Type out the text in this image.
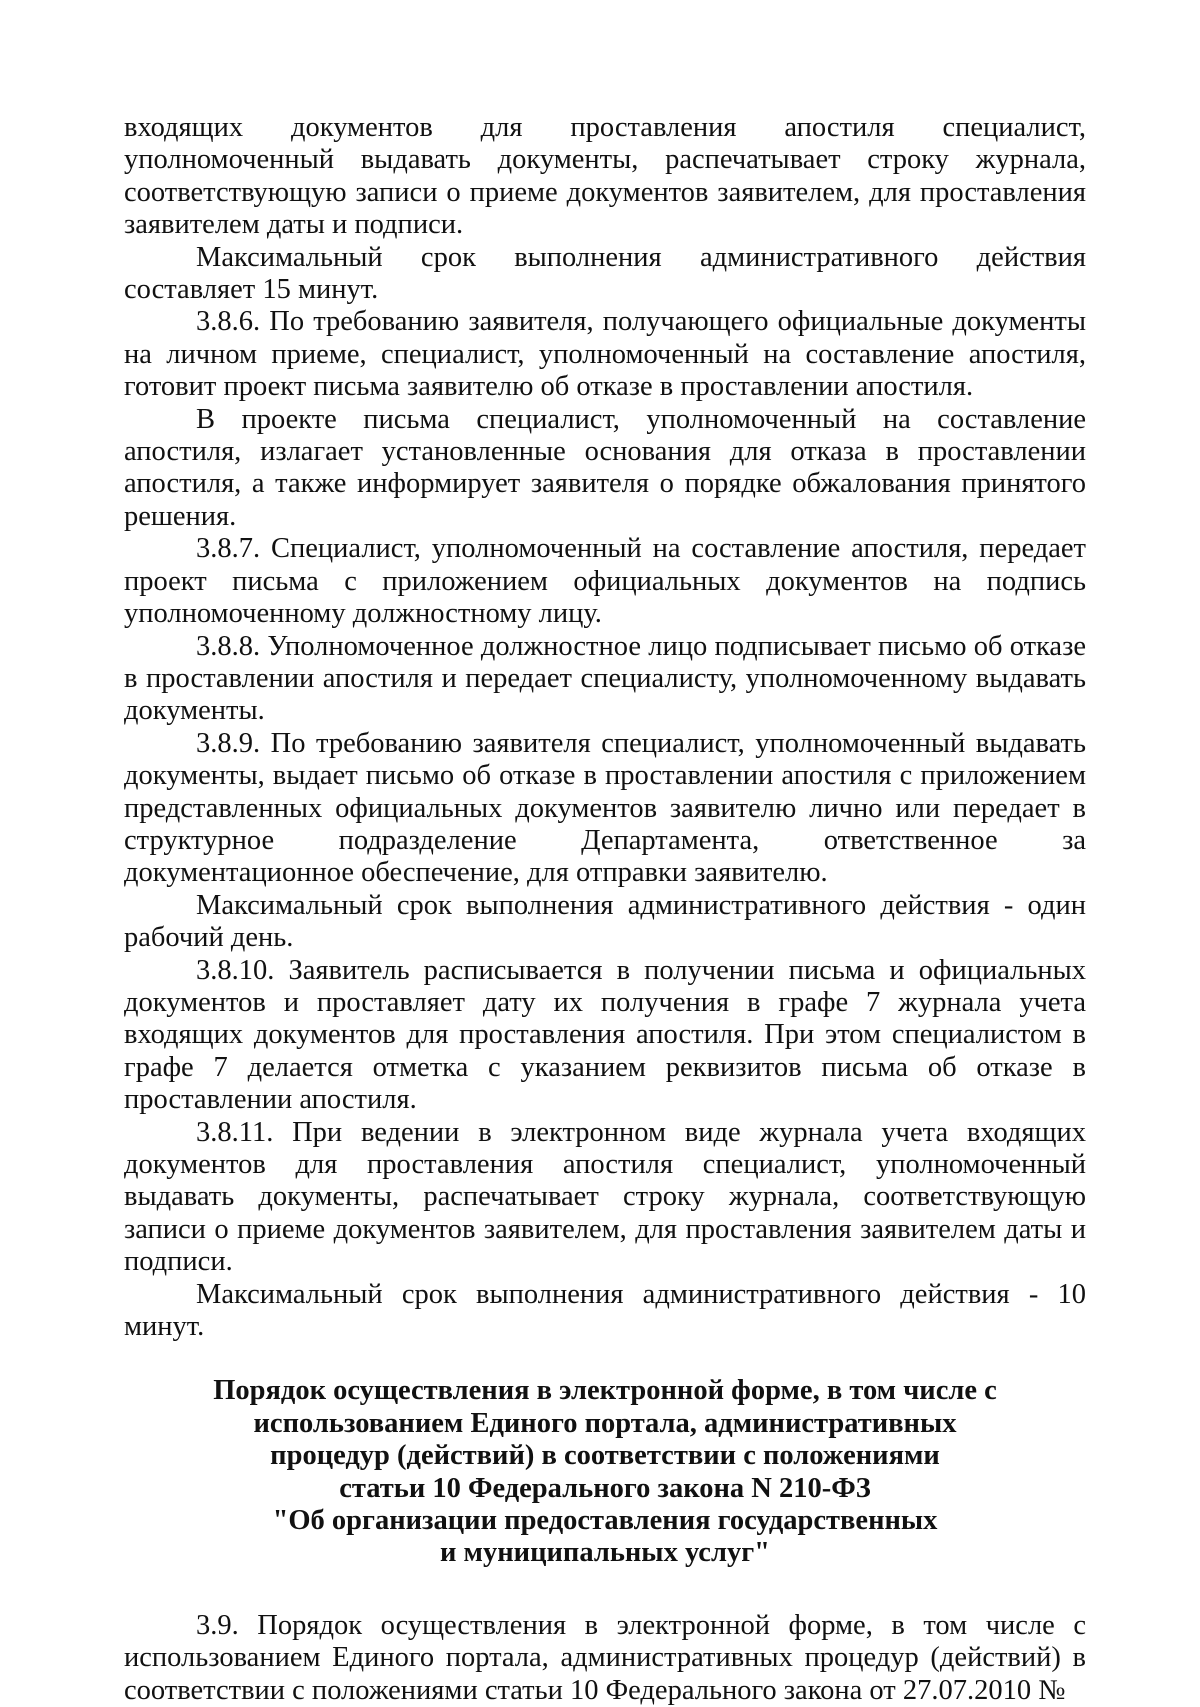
входящих документов для проставления апостиля специалист, уполномоченный выдавать документы, распечатывает строку журнала, соответствующую записи о приеме документов заявителем, для проставления заявителем даты и подписи.

Максимальный срок выполнения административного действия составляет 15 минут.

3.8.6. По требованию заявителя, получающего официальные документы на личном приеме, специалист, уполномоченный на составление апостиля, готовит проект письма заявителю об отказе в проставлении апостиля.

В проекте письма специалист, уполномоченный на составление апостиля, излагает установленные основания для отказа в проставлении апостиля, а также информирует заявителя о порядке обжалования принятого решения.

3.8.7. Специалист, уполномоченный на составление апостиля, передает проект письма с приложением официальных документов на подпись уполномоченному должностному лицу.

3.8.8. Уполномоченное должностное лицо подписывает письмо об отказе в проставлении апостиля и передает специалисту, уполномоченному выдавать документы.

3.8.9. По требованию заявителя специалист, уполномоченный выдавать документы, выдает письмо об отказе в проставлении апостиля с приложением представленных официальных документов заявителю лично или передает в структурное подразделение Департамента, ответственное за документационное обеспечение, для отправки заявителю.

Максимальный срок выполнения административного действия - один рабочий день.

3.8.10. Заявитель расписывается в получении письма и официальных документов и проставляет дату их получения в графе 7 журнала учета входящих документов для проставления апостиля. При этом специалистом в графе 7 делается отметка с указанием реквизитов письма об отказе в проставлении апостиля.

3.8.11. При ведении в электронном виде журнала учета входящих документов для проставления апостиля специалист, уполномоченный выдавать документы, распечатывает строку журнала, соответствующую записи о приеме документов заявителем, для проставления заявителем даты и подписи.

Максимальный срок выполнения административного действия - 10 минут.

Порядок осуществления в электронной форме, в том числе с
использованием Единого портала, административных
процедур (действий) в соответствии с положениями
статьи 10 Федерального закона N 210-ФЗ
"Об организации предоставления государственных
и муниципальных услуг"

3.9. Порядок осуществления в электронной форме, в том числе с использованием Единого портала, административных процедур (действий) в соответствии с положениями статьи 10 Федерального закона от 27.07.2010 №
